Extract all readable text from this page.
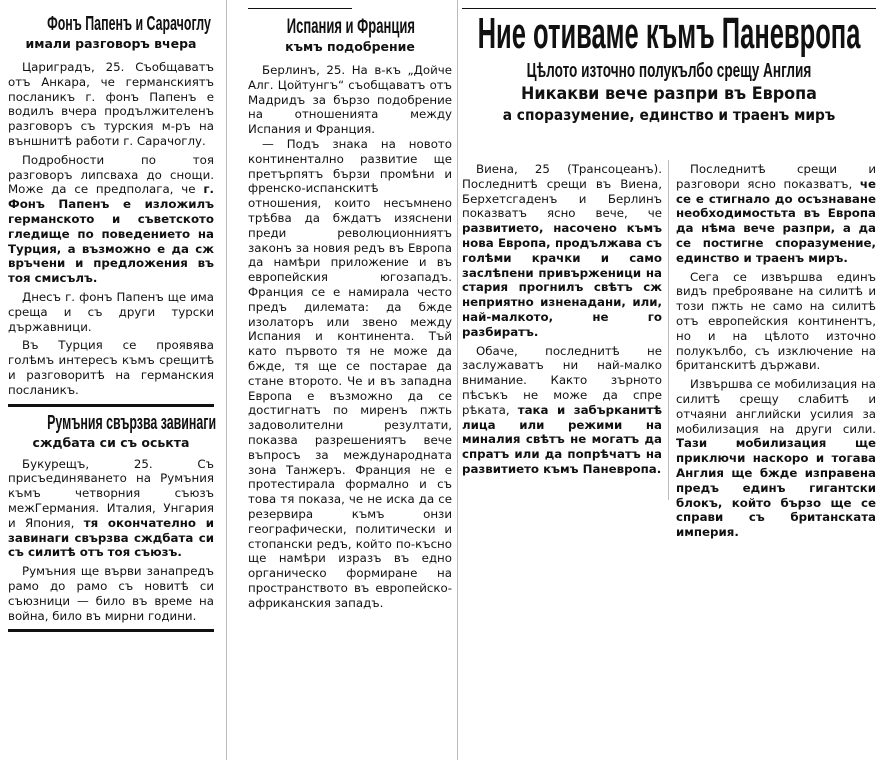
Фонъ Папенъ и Сарачоглу
имали разговоръ вчера

Цариградъ, 25. Съобщаватъ отъ Анкара, че германскиятъ посланикъ г. фонъ Папенъ е водилъ вчера продължителенъ разговоръ съ турския м-ръ на външнитѣ работи г. Сарачоглу.

Подробности по тоя разговоръ липсваха до снощи. Може да се предполага, че г. Фонъ Папенъ е изложилъ германското и съветското гледище по поведението на Турция, а възможно е да сж връчени и предложения въ тоя смисълъ.

Днесъ г. фонъ Папенъ ще има среща и съ други турски държавници.

Въ Турция се проявява голѣмъ интересъ къмъ срещитѣ и разговоритѣ на германския посланикъ.

Румъния свързва завинаги
сждбата си съ оськта

Букурещъ, 25. Съ присъединяването на Румъния къмъ четворния съюзъ межГермания. Италия, Унгария и Япония, тя окончателно и завинаги свързва сждбата си съ силитѣ отъ тоя съюзъ.

Румъния ще върви занапредъ рамо до рамо съ новитѣ си съюзници — било въ време на война, било въ мирни години.

Испания и Франция
къмъ подобрение

Берлинъ, 25. На в-къ „Дойче Алг. Цойтунгъ“ съобщаватъ отъ Мадридъ за бързо подобрение на отношенията между Испания и Франция.

— Подъ знака на новото континентално развитие ще претърпятъ бързи промѣни и френско-испанскитѣ отношения, които несъмнено трѣбва да бждатъ изяснени преди революционниятъ законъ за новия редъ въ Европа да намѣри приложение и въ европейския югозападъ. Франция се е намирала често предъ дилемата: да бжде изолаторъ или звено между Испания и континента. Тъй като първото тя не може да бжде, тя ще се постарае да стане второто. Че и въ западна Европа е възможно да се достигнатъ по миренъ пжть задоволителни резултати, показва разрешениятъ вече въпросъ за международната зона Танжеръ. Франция не е протестирала формално и съ това тя показа, че не иска да се резервира къмъ онзи географически, политически и стопански редъ, който по-късно ще намѣри изразъ въ едно органическо формиране на пространството въ европейско-африканския западъ.

Ние отиваме къмъ Паневропа
Цѣлото източно полукълбо срещу Англия
Никакви вече разпри въ Европа
а споразумение, единство и траенъ миръ

Виена, 25 (Трансоцеанъ). Последнитѣ срещи въ Виена, Берхетсгаденъ и Берлинъ показватъ ясно вече, че развитието, насочено къмъ нова Европа, продължава съ голѣми крачки и само заслѣпени привърженици на стария прогнилъ свѣтъ сж неприятно изненадани, или, най-малкото, не го разбиратъ.

Обаче, последнитѣ не заслужаватъ ни най-малко внимание. Както зърното пѣсъкъ не може да спре рѣката, така и забърканитѣ лица или режими на миналия свѣтъ не могатъ да спратъ или да попрѣчатъ на развитието къмъ Паневропа.

Последнитѣ срещи и разговори ясно показватъ, че се е стигнало до осъзнаване необходимостьта въ Европа да нѣма вече разпри, а да се постигне споразумение, единство и траенъ миръ.

Сега се извършва единъ видъ преброяване на силитѣ и този пжть не само на силитѣ отъ европейския континентъ, но и на цѣлото източно полукълбо, съ изключение на британскитѣ държави.

Извършва се мобилизация на силитѣ срещу слабитѣ и отчаяни английски усилия за мобилизация на други сили. Тази мобилизация ще приключи наскоро и тогава Англия ще бжде изправена предъ единъ гигантски блокъ, който бързо ще се справи съ британската империя.
